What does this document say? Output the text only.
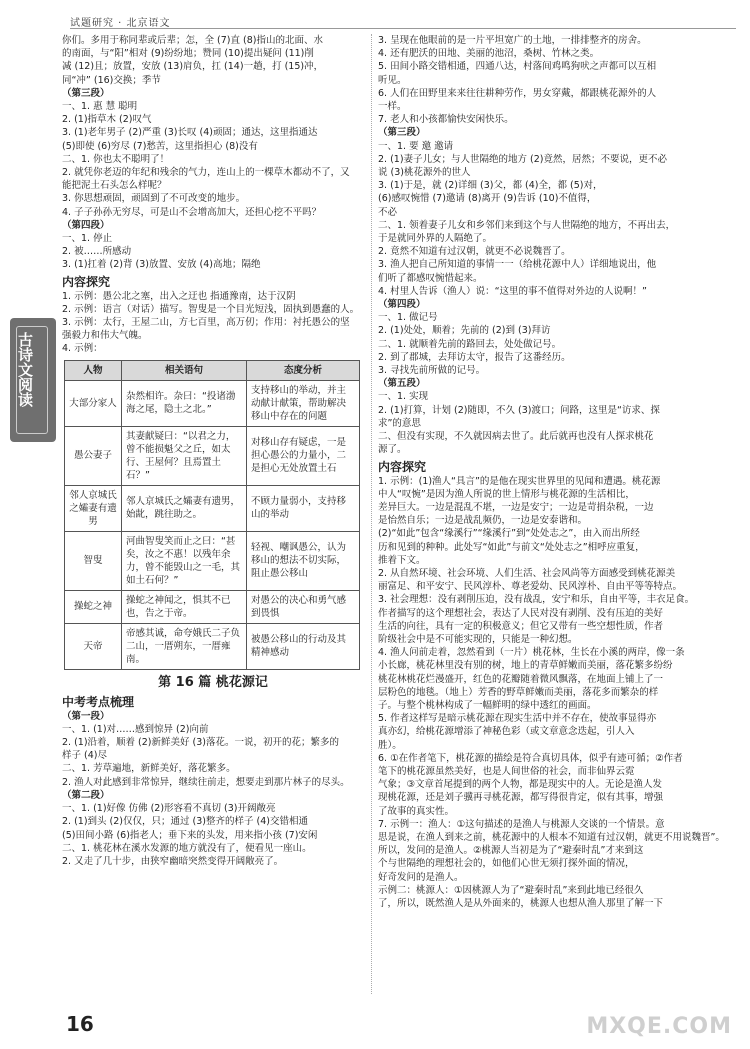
试题研究 · 北京语文
古诗文阅读
你们。多用于称同辈或后辈；怎，全 (7)直 (8)指山的北面、水
的南面，与“阳”相对 (9)纷纷地；赞同 (10)提出疑问 (11)削
减 (12)且；放置，安放 (13)肩负，扛 (14)一趟，打 (15)冲，
同“冲” (16)交换；季节
（第三段）
一、1. 惠 慧 聪明
2. (1)指草木 (2)叹气
3. (1)老年男子 (2)严重 (3)长叹 (4)顽固；通达，这里指通达
(5)即使 (6)穷尽 (7)愁苦，这里指担心 (8)没有
二、1. 你也太不聪明了！
2. 就凭你老迈的年纪和残余的气力，连山上的一棵草木都动不了，又
能把泥土石头怎么样呢？
3. 你思想顽固，顽固到了不可改变的地步。
4. 子子孙孙无穷尽，可是山不会增高加大，还担心挖不平吗？
（第四段）
一、1. 停止
2. 被……所感动
3. (1)扛着 (2)背 (3)放置、安放 (4)高地；隔绝
内容探究
1. 示例：愚公北之塞，出入之迂也 指通豫南，达于汉阴
2. 示例：语言（对话）描写。智叟是一个目光短浅，固执到愚蠢的人。
3. 示例：太行，王屋二山，方七百里，高万仞；作用：衬托愚公的坚
强毅力和伟大气魄。
4. 示例：
人物	相关语句	态度分析
大部分家人	杂然相许。杂曰：“投诸渤海之尾，隐土之北。”	支持移山的举动，并主动献计献策，帮助解决移山中存在的问题
愚公妻子	其妻献疑曰：“以君之力，曾不能损魁父之丘，如太行、王屋何？且焉置土石？”	对移山存有疑虑，一是担心愚公的力量小，二是担心无处放置土石
邻人京城氏之孀妻有遗男	邻人京城氏之孀妻有遗男，始龀，跳往助之。	不顾力量弱小，支持移山的举动
智叟	河曲智叟笑而止之曰：“甚矣，汝之不惠！以残年余力，曾不能毁山之一毛，其如土石何？”	轻视、嘲讽愚公，认为移山的想法不切实际，阻止愚公移山
操蛇之神	操蛇之神闻之，惧其不已也，告之于帝。	对愚公的决心和勇气感到畏惧
天帝	帝感其诚，命夸娥氏二子负二山，一厝朔东，一厝雍南。	被愚公移山的行动及其精神感动
第 16 篇 桃花源记
中考考点梳理
（第一段）
一、1. (1)对……感到惊异 (2)向前
2. (1)沿着，顺着 (2)新鲜美好 (3)落花。一说，初开的花；繁多的
样子 (4)尽
二、1. 芳草遍地，新鲜美好，落花繁多。
2. 渔人对此感到非常惊异，继续往前走，想要走到那片林子的尽头。
（第二段）
一、1. (1)好像 仿佛 (2)形容看不真切 (3)开阔敞亮
2. (1)到头 (2)仅仅，只；通过 (3)整齐的样子 (4)交错相通
(5)田间小路 (6)指老人；垂下来的头发，用来指小孩 (7)安闲
二、1. 桃花林在溪水发源的地方就没有了，便看见一座山。
2. 又走了几十步，由狭窄幽暗突然变得开阔敞亮了。
3. 呈现在他眼前的是一片平坦宽广的土地，一排排整齐的房舍。
4. 还有肥沃的田地、美丽的池沼，桑树、竹林之类。
5. 田间小路交错相通，四通八达，村落间鸡鸣狗吠之声都可以互相
听见。
6. 人们在田野里来来往往耕种劳作，男女穿戴，都跟桃花源外的人
一样。
7. 老人和小孩都愉快安闲快乐。
（第三段）
一、1. 要 邀 邀请
2. (1)妻子儿女；与人世隔绝的地方 (2)竟然，居然；不要说，更不必
说 (3)桃花源外的世人
3. (1)于是，就 (2)详细 (3)父，都 (4)全，都 (5)对，
(6)感叹惋惜 (7)邀请 (8)离开 (9)告诉 (10)不值得，
不必
二、1. 领着妻子儿女和乡邻们来到这个与人世隔绝的地方，不再出去，
于是就同外界的人隔绝了。
2. 竟然不知道有过汉朝，就更不必说魏晋了。
3. 渔人把自己所知道的事情一一（给桃花源中人）详细地说出，他
们听了都感叹惋惜起来。
4. 村里人告诉（渔人）说：“这里的事不值得对外边的人说啊！”
（第四段）
一、1. 做记号
2. (1)处处，顺着；先前的 (2)到 (3)拜访
二、1. 就顺着先前的路回去，处处做记号。
2. 到了郡城，去拜访太守，报告了这番经历。
3. 寻找先前所做的记号。
（第五段）
一、1. 实现
2. (1)打算，计划 (2)随即，不久 (3)渡口；问路，这里是“访求、探
求”的意思
二、但没有实现，不久就因病去世了。此后就再也没有人探求桃花
源了。
内容探究
1. 示例：(1)渔人“具言”的是他在现实世界里的见闻和遭遇。桃花源
中人“叹惋”是因为渔人所说的世上情形与桃花源的生活相比，
差异巨大。一边是混乱不堪，一边是安宁；一边是苛捐杂税，一边
是怡然自乐；一边是战乱频仍，一边是安泰谐和。
(2)“如此”包含“缘溪行”“缘溪行”到“处处志之”，由入而出所经
历和见到的种种。此处写“如此”与前文“处处志之”相呼应重复，
推着下文。
2. 从自然环境、社会环境、人们生活、社会风尚等方面感受到桃花源美
丽富足、和平安宁、民风淳朴、尊老爱幼、民风淳朴、自由平等等特点。
3. 社会理想：没有剥削压迫，没有战乱，安宁和乐，自由平等，丰衣足食。
作者描写的这个理想社会，表达了人民对没有剥削、没有压迫的美好
生活的向往，具有一定的积极意义；但它又带有一些空想性质，作者
阶级社会中是不可能实现的，只能是一种幻想。
4. 渔人问前走着，忽然看到（一片）桃花林，生长在小溪的两岸，像一条
小长廊，桃花林里没有别的树，地上的青草鲜嫩而美丽，落花繁多纷纷
桃花林桃花烂漫盛开，红色的花瓣随着微风飘落，在地面上铺上了一
层粉色的地毯。（地上）芳香的野草鲜嫩而美丽，落花多而繁杂的样
子。与整个桃林构成了一幅鲜明的绿中透红的画面。
5. 作者这样写是暗示桃花源在现实生活中并不存在，使故事显得亦
真亦幻，给桃花源增添了神秘色彩（或文章意念迭起，引人入
胜）。
6. ①在作者笔下，桃花源的描绘是符合真切具体，似乎有迹可循；②作者
笔下的桃花源虽然美好，也是人间世俗的社会，而非仙界云霓
气象；③文章首尾提到的两个人物，都是现实中的人。无论是渔人发
现桃花源，还是刘子骥再寻桃花源，都写得很肯定，似有其事，增强
了故事的真实性。
7. 示例一：渔人：①这句描述的是渔人与桃源人交谈的一个情景。意
思是说，在渔人到来之前，桃花源中的人根本不知道有过汉朝，就更不用说魏晋”。
所以，发问的是渔人。②桃源人当初是为了“避秦时乱”才来到这
个与世隔绝的理想社会的，如他们心世无须打探外面的情况，
好奇发问的是渔人。
示例二：桃源人：①因桃源人为了“避秦时乱”来到此地已经很久
了，所以，既然渔人是从外面来的，桃源人也想从渔人那里了解一下
16	MXQE.COM
